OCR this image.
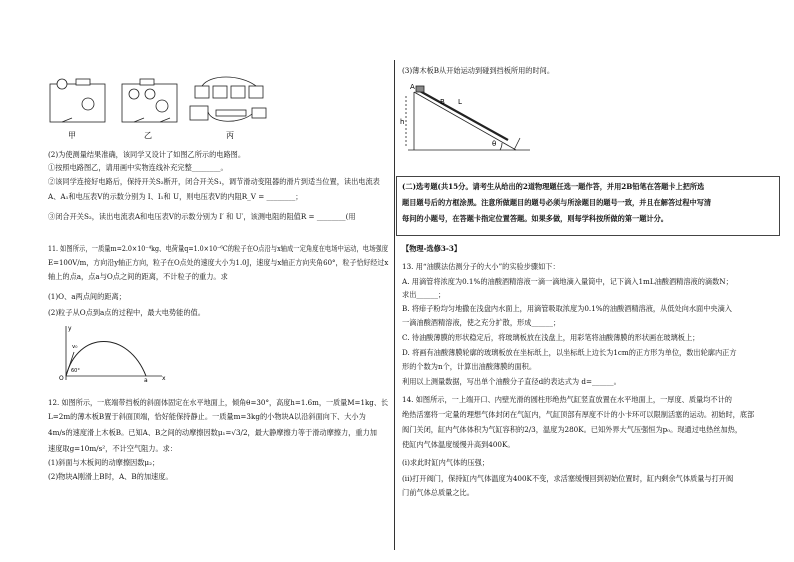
甲	乙	丙
(2)为使测量结果准确，该同学又设计了如图乙所示的电路图。
①按照电路图乙，请用画中实物连线补充完整________。
②该同学连接好电路后，保持开关S₂断开，闭合开关S₁，调节滑动变阻器的滑片到适当位置，读出电流表
A、A₁和电压表V的示数分别为 I、I₁和 U，则电压表V的内阻R_V = ________；
③闭合开关S₂，读出电流表A和电压表V的示数分别为 I′ 和 U′，该测电阻的阻值R = ________(用
11. 如图所示，一质量m=2.0×10⁻⁴kg、电荷量q=1.0×10⁻⁶C的粒子在O点沿与x轴成一定角度在电场中运动，电场强度
E=100V/m，方向沿y轴正方向，粒子在O点处的速度大小为1.0J，速度与x轴正方向夹角60°，粒子恰好经过x
轴上的点a，点a与O点之间的距离，不计粒子的重力。求
(1)O、a两点间的距离；
(2)粒子从O点到a点的过程中，最大电势能的值。
y
v₀
60°
O	a x
12. 如图所示，一底端带挡板的斜面体固定在水平地面上，倾角θ=30°，高度h=1.6m，一质量M=1kg、长
L=2m的薄木板B置于斜面顶端，恰好能保持静止。一质量m=3kg的小物块A以沿斜面向下、大小为
4m/s的速度滑上木板B。已知A、B之间的动摩擦因数μ₁=√3/2，最大静摩擦力等于滑动摩擦力，重力加
速度取g=10m/s²，不计空气阻力。求：
(1)斜面与木板间的动摩擦因数μ₂；
(2)物块A刚滑上B时，A、B的加速度。
(3)薄木板B从开始运动到碰到挡板所用的时间。
A
B L
h
θ
(二)选考题(共15分。请考生从给出的2道物理题任选一题作答，并用2B铅笔在答题卡上把所选
题目题号后的方框涂黑。注意所做题目的题号必须与所涂题目的题号一致，并且在解答过程中写清
每问的小题号，在答题卡指定位置答题。如果多做，则每学科按所做的第一题计分。
【物理-选修3-3】
13. 用“油膜法估测分子的大小”的实验步骤如下：
A. 用滴管将浓度为0.1%的油酸酒精溶液一滴一滴地滴入量筒中，记下滴入1mL油酸酒精溶液的滴数N；
求出______；
B. 将痱子粉均匀地撒在浅盘内水面上，用滴管吸取浓度为0.1%的油酸酒精溶液，从低处向水面中央滴入
一滴油酸酒精溶液，使之充分扩散，形成______；
C. 待油酸薄膜的形状稳定后，将玻璃板放在浅盘上，用彩笔将油酸薄膜的形状画在玻璃板上；
D. 将画有油酸薄膜轮廓的玻璃板放在坐标纸上，以坐标纸上边长为1cm的正方形为单位，数出轮廓内正方
形的个数为n个，计算出油酸薄膜的面积。
利用以上测量数据，写出单个油酸分子直径d的表达式为 d=______。
14. 如图所示，一上端开口、内壁光滑的圆柱形绝热气缸竖直放置在水平地面上，一厚度、质量均不计的
绝热活塞将一定量的理想气体封闭在气缸内，气缸顶部有厚度不计的小卡环可以限制活塞的运动。初始时，底部
阀门关闭，缸内气体体积为气缸容积的2/3，温度为280K。已知外界大气压强恒为p₀。现通过电热丝加热，
使缸内气体温度缓慢升高到400K。
(i)求此时缸内气体的压强；
(ii)打开阀门，保持缸内气体温度为400K不变，求活塞缓慢回到初始位置时，缸内剩余气体质量与打开阀
门前气体总质量之比。
